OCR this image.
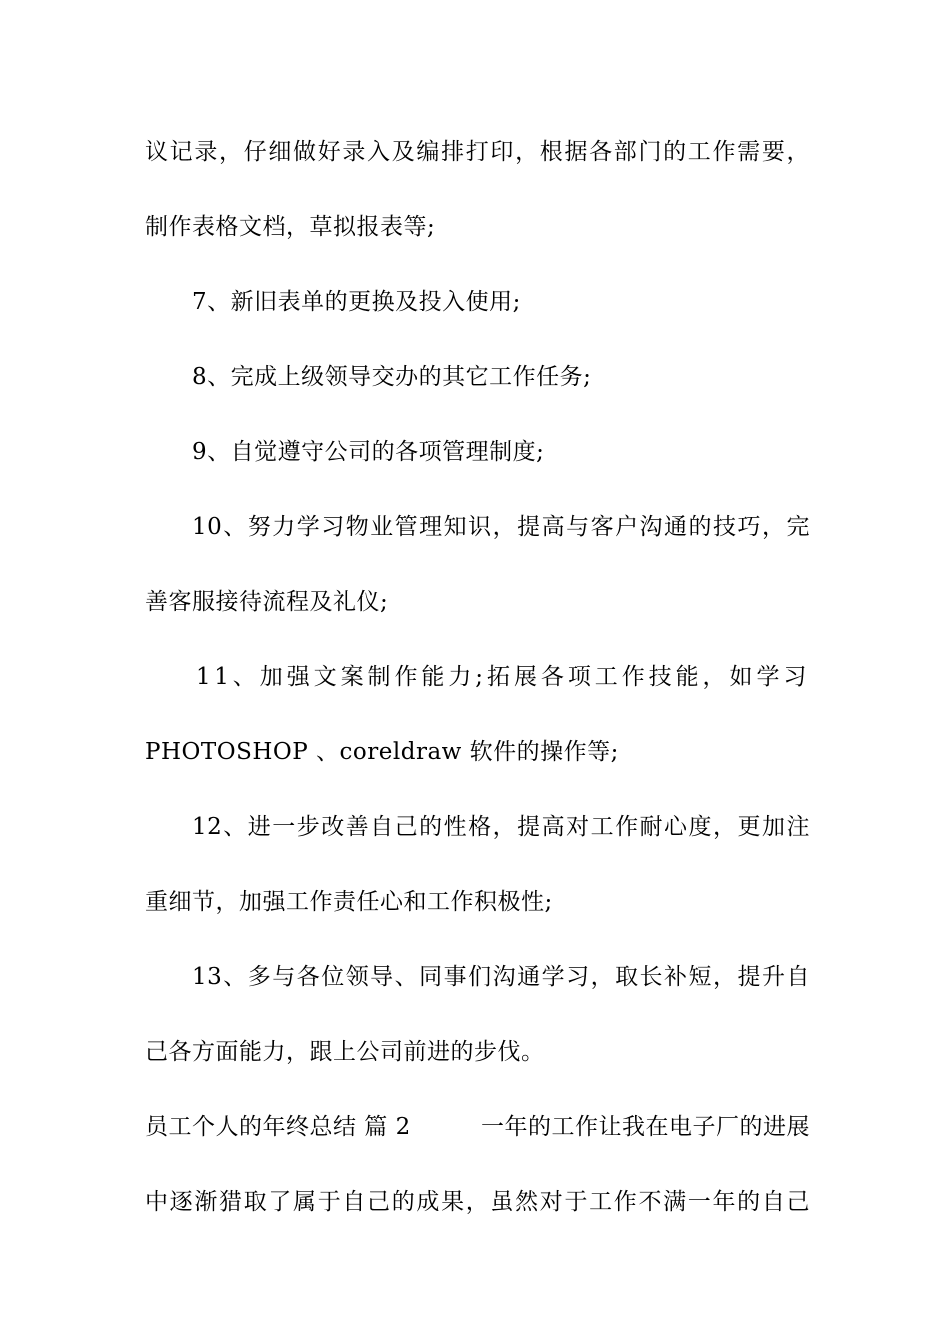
议记录，仔细做好录入及编排打印，根据各部门的工作需要，
制作表格文档，草拟报表等;
7、新旧表单的更换及投入使用;
8、完成上级领导交办的其它工作任务;
9、自觉遵守公司的各项管理制度;
10、努力学习物业管理知识，提高与客户沟通的技巧，完
善客服接待流程及礼仪;
11、加强文案制作能力;拓展各项工作技能，如学习
PHOTOSHOP 、coreldraw 软件的操作等;
12、进一步改善自己的性格，提高对工作耐心度，更加注
重细节，加强工作责任心和工作积极性;
13、多与各位领导、同事们沟通学习，取长补短，提升自
己各方面能力，跟上公司前进的步伐。
员工个人的年终总结 篇 2	一年的工作让我在电子厂的进展
中逐渐猎取了属于自己的成果，虽然对于工作不满一年的自己
